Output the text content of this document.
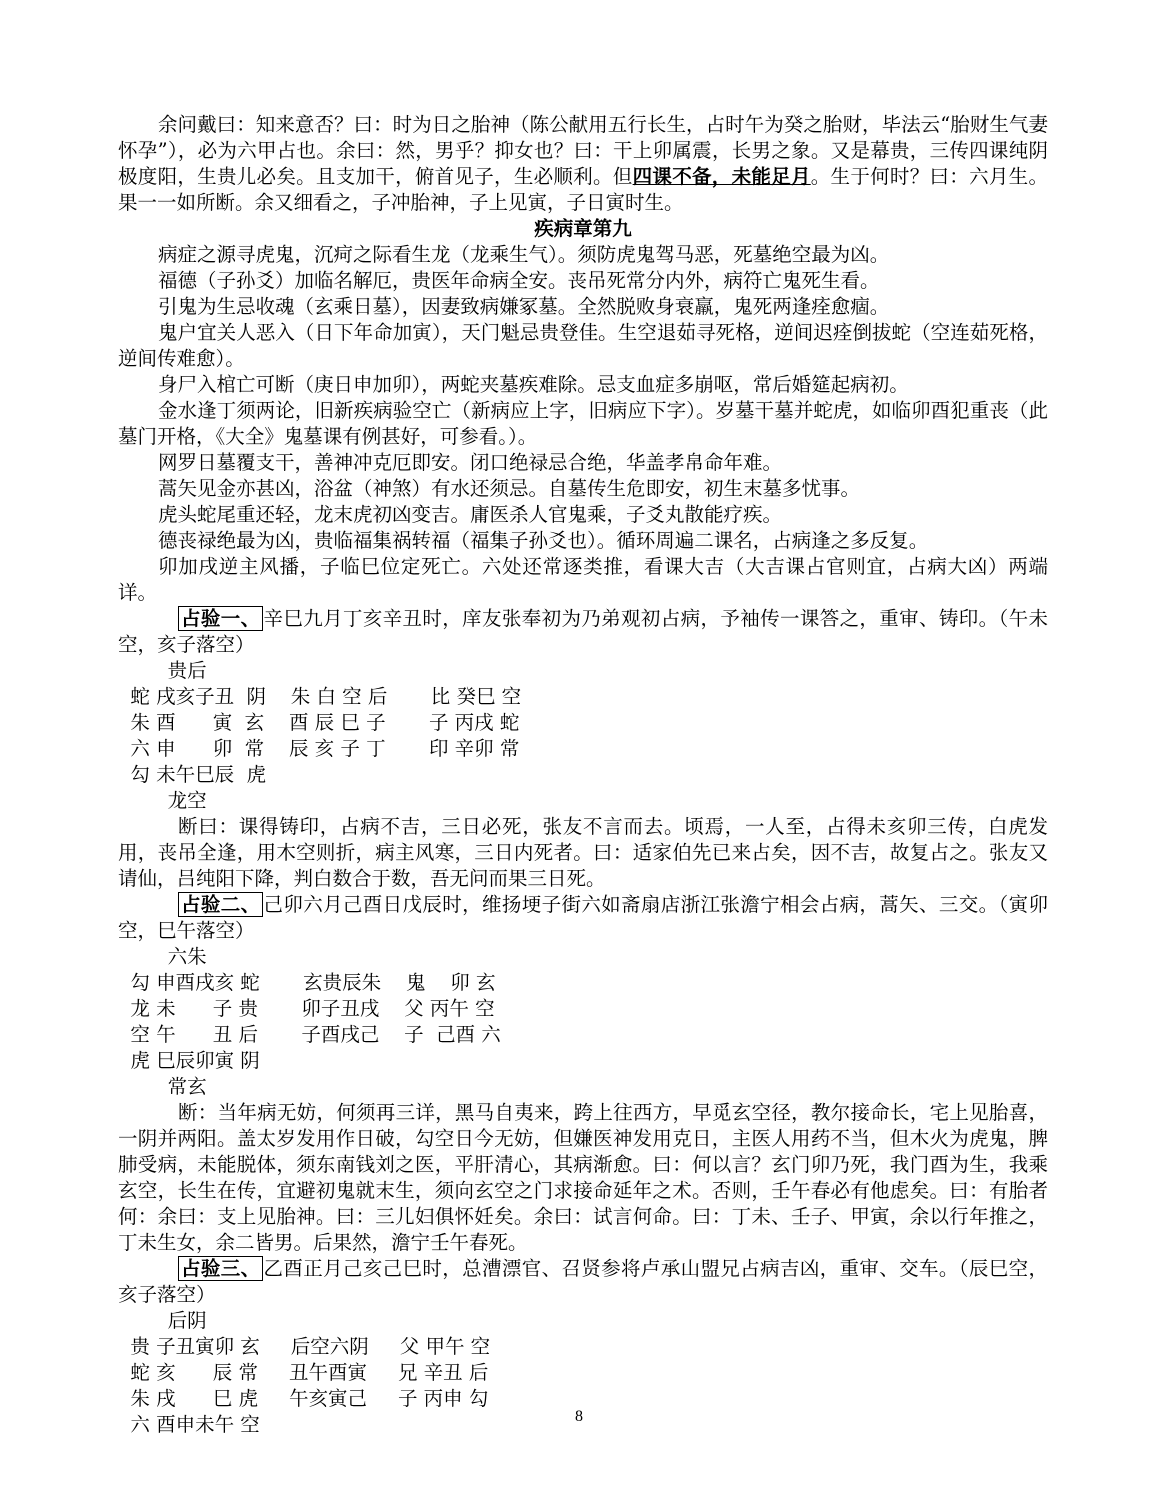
余问戴曰：知来意否？曰：时为日之胎神（陈公献用五行长生，占时午为癸之胎财，毕法云“胎财生气妻怀孕”），必为六甲占也。余曰：然，男乎？抑女也？曰：干上卯属震，长男之象。又是幕贵，三传四课纯阴极度阳，生贵儿必矣。且支加干，俯首见子，生必顺利。但四课不备，未能足月。生于何时？曰：六月生。果一一如所断。余又细看之，子冲胎神，子上见寅，子日寅时生。

疾病章第九

病症之源寻虎鬼，沉疴之际看生龙（龙乘生气）。须防虎鬼驾马恶，死墓绝空最为凶。

福德（子孙爻）加临名解厄，贵医年命病全安。丧吊死常分内外，病符亡鬼死生看。

引鬼为生忌收魂（玄乘日墓），因妻致病嫌冢墓。全然脱败身衰羸，鬼死两逢痊愈痼。

鬼户宜关人恶入（日下年命加寅），天门魁忌贵登佳。生空退茹寻死格，逆间迟痊倒拔蛇（空连茹死格，逆间传难愈）。

身尸入棺亡可断（庚日申加卯），两蛇夹墓疾难除。忌支血症多崩呕，常后婚筵起病初。

金水逢丁须两论，旧新疾病验空亡（新病应上字，旧病应下字）。岁墓干墓并蛇虎，如临卯酉犯重丧（此墓门开格，《大全》鬼墓课有例甚好，可参看。）。

网罗日墓覆支干，善神冲克厄即安。闭口绝禄忌合绝，华盖孝帛命年难。

蒿矢见金亦甚凶，浴盆（神煞）有水还须忌。自墓传生危即安，初生末墓多忧事。

虎头蛇尾重还轻，龙末虎初凶变吉。庸医杀人官鬼乘，子爻丸散能疗疾。

德丧禄绝最为凶，贵临福集祸转福（福集子孙爻也）。循环周遍二课名，占病逢之多反复。

卯加戌逆主风播，子临巳位定死亡。六处还常逐类推，看课大吉（大吉课占官则宜，占病大凶）两端详。

占验一、 辛巳九月丁亥辛丑时，庠友张奉初为乃弟观初占病，予袖传一课答之，重审、铸印。（午未空，亥子落空）

贵后
蛇 戌亥子丑  阴    朱 白 空 后       比 癸巳 空
朱 酉      寅  玄    酉 辰 巳 子       子 丙戌 蛇
六 申      卯  常    辰 亥 子 丁       印 辛卯 常
勾 未午巳辰  虎
龙空

断曰：课得铸印，占病不吉，三日必死，张友不言而去。顷焉，一人至，占得未亥卯三传，白虎发用，丧吊全逢，用木空则折，病主风寒，三日内死者。曰：适家伯先已来占矣，因不吉，故复占之。张友又请仙，吕纯阳下降，判白数合于数，吾无问而果三日死。

占验二、 己卯六月己酉日戊辰时，维扬埂子街六如斋扇店浙江张澹宁相会占病，蒿矢、三交。（寅卯空，巳午落空）

六朱
勾 申酉戌亥 蛇       玄贵辰朱    鬼    卯 玄
龙 未      子 贵       卯子丑戌    父 丙午 空
空 午      丑 后       子酉戌己    子  己酉 六
虎 巳辰卯寅 阴
常玄

断：当年病无妨，何须再三详，黑马自夷来，跨上往西方，早觅玄空径，教尔接命长，宅上见胎喜，一阴并两阳。盖太岁发用作日破，勾空日今无妨，但嫌医神发用克日，主医人用药不当，但木火为虎鬼，脾肺受病，未能脱体，须东南钱刘之医，平肝清心，其病渐愈。曰：何以言？玄门卯乃死，我门酉为生，我乘玄空，长生在传，宜避初鬼就末生，须向玄空之门求接命延年之术。否则，壬午春必有他虑矣。曰：有胎者何：余曰：支上见胎神。曰：三儿妇俱怀妊矣。余曰：试言何命。曰：丁未、壬子、甲寅，余以行年推之，丁未生女，余二皆男。后果然，澹宁壬午春死。

占验三、 乙酉正月己亥己巳时，总漕漂官、召贤参将卢承山盟兄占病吉凶，重审、交车。（辰巳空，亥子落空）

后阴
贵 子丑寅卯 玄     后空六阴     父 甲午 空
蛇 亥      辰 常     丑午酉寅     兄 辛丑 后
朱 戌      巳 虎     午亥寅己     子 丙申 勾
六 酉申未午 空	8
